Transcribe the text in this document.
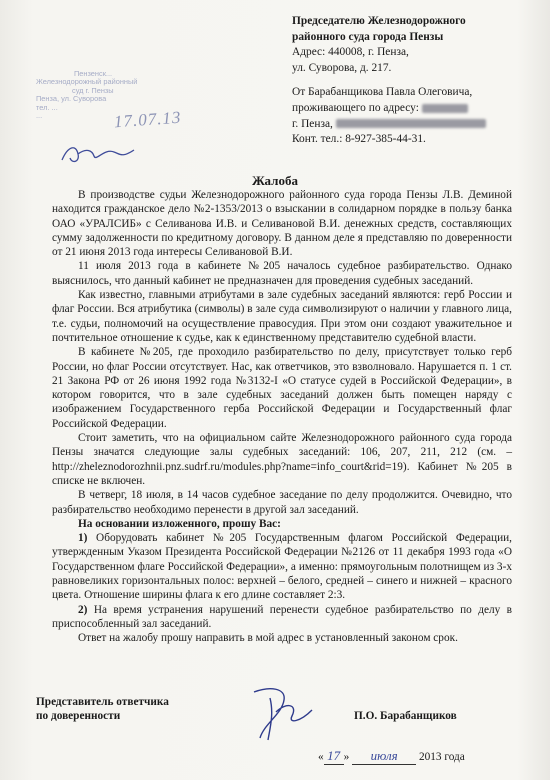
Председателю Железнодорожного
районного суда города Пензы
Адрес: 440008, г. Пенза,
ул. Суворова, д. 217.
От Барабанщикова Павла Олеговича,
проживающего по адресу:
г. Пенза,
Конт. тел.: 8-927-385-44-31.
Пензенск...
Железнодорожный районный
суд г. Пензы
Пенза, ул. Суворова
тел. ...
...	17.07.13
Жалоба

В производстве судьи Железнодорожного районного суда города Пензы Л.В. Деминой находится гражданское дело №2-1353/2013 о взыскании в солидарном порядке в пользу банка ОАО «УРАЛСИБ» с Селиванова И.В. и Селивановой В.И. денежных средств, составляющих сумму задолженности по кредитному договору. В данном деле я представляю по доверенности от 21 июня 2013 года интересы Селивановой В.И.

11 июля 2013 года в кабинете №205 началось судебное разбирательство. Однако выяснилось, что данный кабинет не предназначен для проведения судебных заседаний.

Как известно, главными атрибутами в зале судебных заседаний являются: герб России и флаг России. Вся атрибутика (символы) в зале суда символизируют о наличии у главного лица, т.е. судьи, полномочий на осуществление правосудия. При этом они создают уважительное и почтительное отношение к судье, как к единственному представителю судебной власти.

В кабинете №205, где проходило разбирательство по делу, присутствует только герб России, но флаг России отсутствует. Нас, как ответчиков, это взволновало. Нарушается п. 1 ст. 21 Закона РФ от 26 июня 1992 года №3132-I «О статусе судей в Российской Федерации», в котором говорится, что в зале судебных заседаний должен быть помещен наряду с изображением Государственного герба Российской Федерации и Государственный флаг Российской Федерации.

Стоит заметить, что на официальном сайте Железнодорожного районного суда города Пензы значатся следующие залы судебных заседаний: 106, 207, 211, 212 (см. – http://zheleznodorozhnii.pnz.sudrf.ru/modules.php?name=info_court&rid=19). Кабинет №205 в списке не включен.

В четверг, 18 июля, в 14 часов судебное заседание по делу продолжится. Очевидно, что разбирательство необходимо перенести в другой зал заседаний.

На основании изложенного, прошу Вас:

1) Оборудовать кабинет №205 Государственным флагом Российской Федерации, утвержденным Указом Президента Российской Федерации №2126 от 11 декабря 1993 года «О Государственном флаге Российской Федерации», а именно: прямоугольным полотнищем из 3-х равновеликих горизонтальных полос: верхней – белого, средней – синего и нижней – красного цвета. Отношение ширины флага к его длине составляет 2:3.

2) На время устранения нарушений перенести судебное разбирательство по делу в приспособленный зал заседаний.

Ответ на жалобу прошу направить в мой адрес в установленный законом срок.

Представитель ответчика
по доверенности	П.О. Барабанщиков
« 17 » июля 2013 года
